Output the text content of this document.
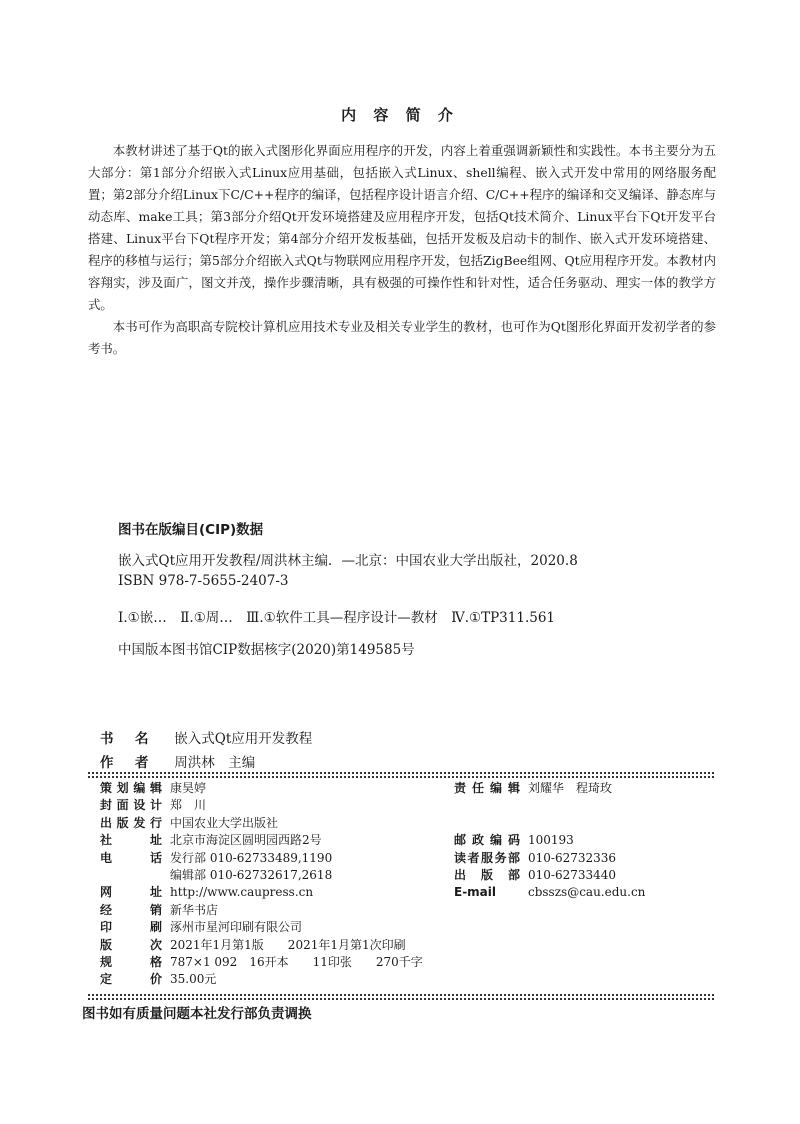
内 容 简 介

本教材讲述了基于Qt的嵌入式图形化界面应用程序的开发，内容上着重强调新颖性和实践性。本书主要分为五大部分：第1部分介绍嵌入式Linux应用基础，包括嵌入式Linux、shell编程、嵌入式开发中常用的网络服务配置；第2部分介绍Linux下C/C++程序的编译，包括程序设计语言介绍、C/C++程序的编译和交叉编译、静态库与动态库、make工具；第3部分介绍Qt开发环境搭建及应用程序开发，包括Qt技术简介、Linux平台下Qt开发平台搭建、Linux平台下Qt程序开发；第4部分介绍开发板基础，包括开发板及启动卡的制作、嵌入式开发环境搭建、程序的移植与运行；第5部分介绍嵌入式Qt与物联网应用程序开发，包括ZigBee组网、Qt应用程序开发。本教材内容翔实，涉及面广，图文并茂，操作步骤清晰，具有极强的可操作性和针对性，适合任务驱动、理实一体的教学方式。

本书可作为高职高专院校计算机应用技术专业及相关专业学生的教材，也可作为Qt图形化界面开发初学者的参考书。

图书在版编目(CIP)数据
嵌入式Qt应用开发教程/周洪林主编．—北京：中国农业大学出版社，2020.8
ISBN 978-7-5655-2407-3
Ⅰ.①嵌…　Ⅱ.①周…　Ⅲ.①软件工具—程序设计—教材　Ⅳ.①TP311.561
中国版本图书馆CIP数据核字(2020)第149585号
书　名 嵌入式Qt应用开发教程
作　者 周洪林　主编
策划编辑 康昊婷	责任编辑 刘耀华　程琦玫
封面设计 郑　川
出版发行 中国农业大学出版社
社址 北京市海淀区圆明园西路2号	邮政编码 100193
电话 发行部 010-62733489,1190	读者服务部 010-62732336
编辑部 010-62732617,2618	出版部 010-62733440
网址 http://www.caupress.cn	E-mail	cbsszs@cau.edu.cn
经销 新华书店
印刷 涿州市星河印刷有限公司
版次 2021年1月第1版　　2021年1月第1次印刷
规格 787×1 092　16开本　　11印张　　270千字
定价 35.00元
图书如有质量问题本社发行部负责调换
